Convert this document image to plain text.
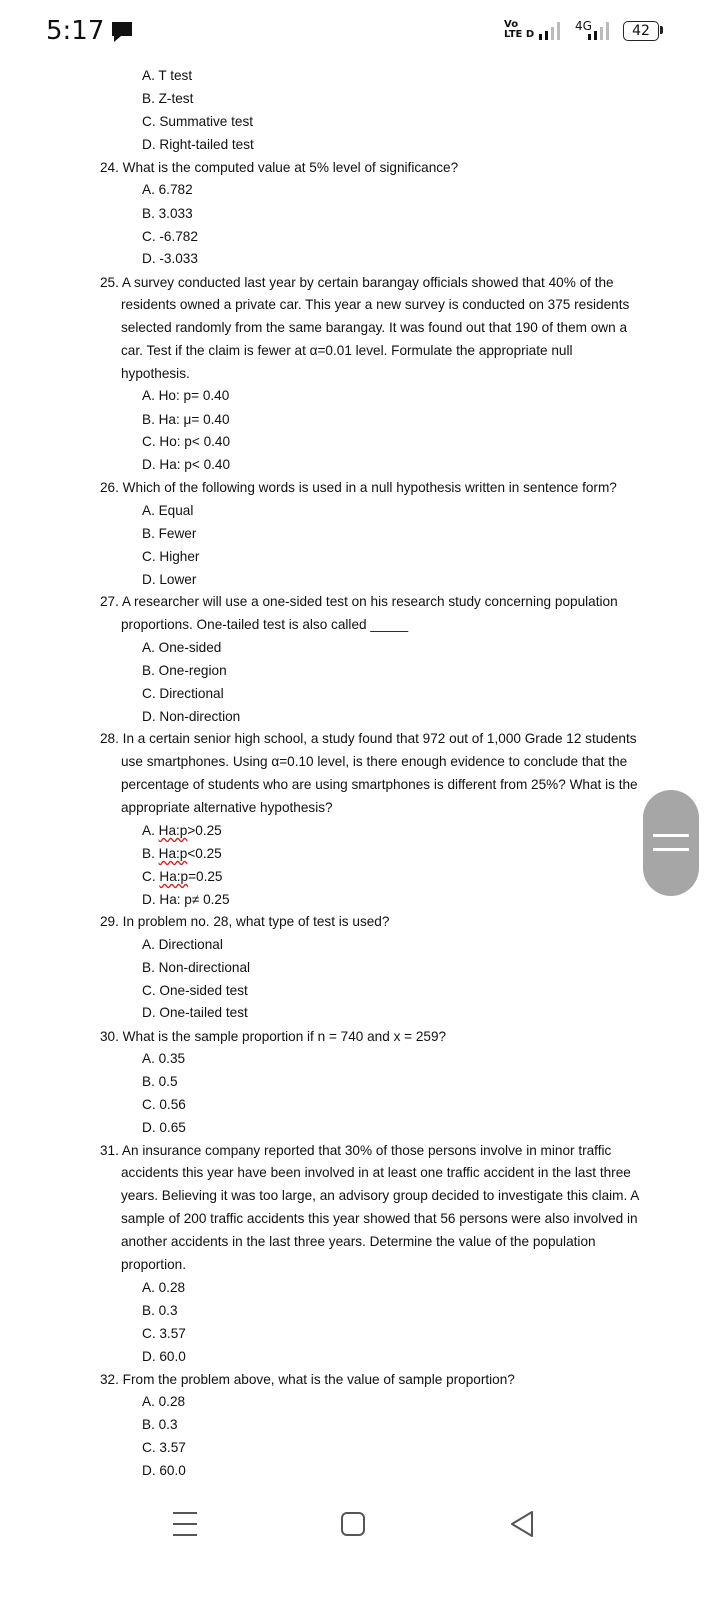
5:17	Vo
LTE D
4G	42
A. T test
B. Z-test
C. Summative test
D. Right-tailed test
24. What is the computed value at 5% level of significance?
A. 6.782
B. 3.033
C. -6.782
D. -3.033
25. A survey conducted last year by certain barangay officials showed that 40% of the
residents owned a private car. This year a new survey is conducted on 375 residents
selected randomly from the same barangay. It was found out that 190 of them own a
car. Test if the claim is fewer at α=0.01 level. Formulate the appropriate null
hypothesis.
A. Ho: p= 0.40
B. Ha: μ= 0.40
C. Ho: p< 0.40
D. Ha: p< 0.40
26. Which of the following words is used in a null hypothesis written in sentence form?
A. Equal
B. Fewer
C. Higher
D. Lower
27. A researcher will use a one-sided test on his research study concerning population
proportions. One-tailed test is also called _____
A. One-sided
B. One-region
C. Directional
D. Non-direction
28. In a certain senior high school, a study found that 972 out of 1,000 Grade 12 students
use smartphones. Using α=0.10 level, is there enough evidence to conclude that the
percentage of students who are using smartphones is different from 25%? What is the
appropriate alternative hypothesis?
A. Ha:p>0.25
B. Ha:p<0.25
C. Ha:p=0.25
D. Ha: p≠ 0.25
29. In problem no. 28, what type of test is used?
A. Directional
B. Non-directional
C. One-sided test
D. One-tailed test
30. What is the sample proportion if n = 740 and x = 259?
A. 0.35
B. 0.5
C. 0.56
D. 0.65
31. An insurance company reported that 30% of those persons involve in minor traffic
accidents this year have been involved in at least one traffic accident in the last three
years. Believing it was too large, an advisory group decided to investigate this claim. A
sample of 200 traffic accidents this year showed that 56 persons were also involved in
another accidents in the last three years. Determine the value of the population
proportion.
A. 0.28
B. 0.3
C. 3.57
D. 60.0
32. From the problem above, what is the value of sample proportion?
A. 0.28
B. 0.3
C. 3.57
D. 60.0
